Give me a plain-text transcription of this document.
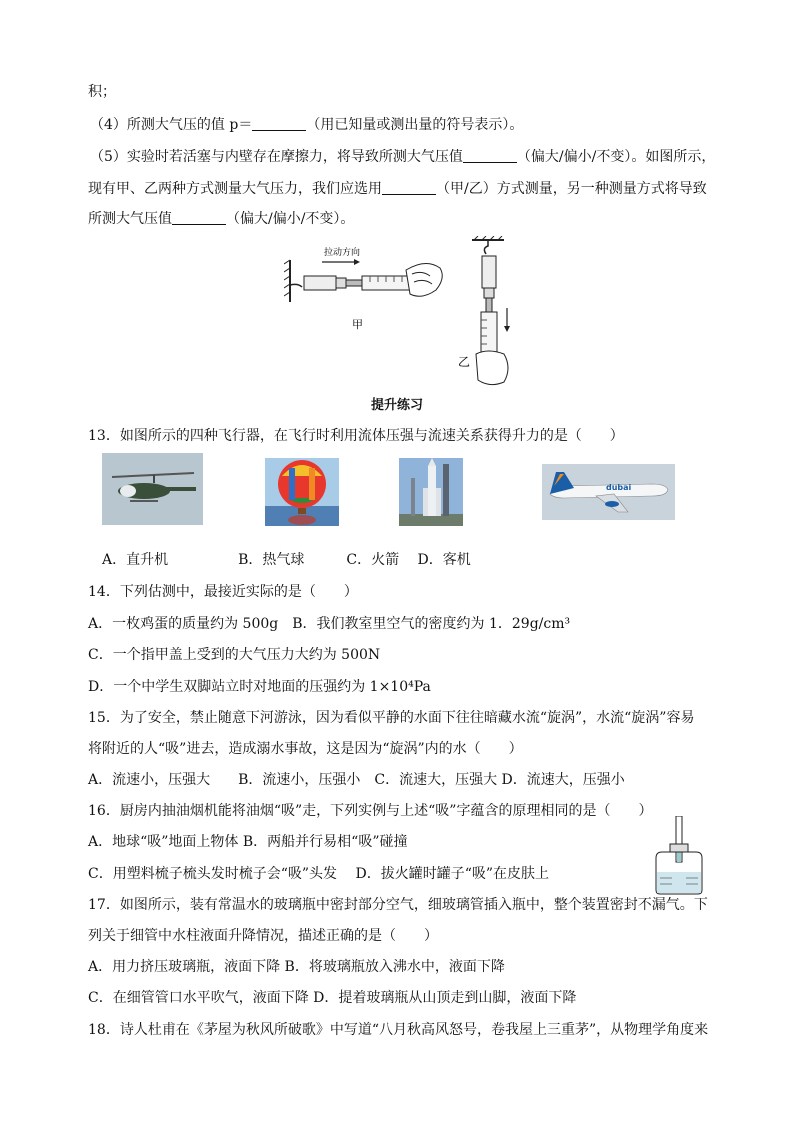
积；
（4）所测大气压的值 p＝	（用已知量或测出量的符号表示）。
（5）实验时若活塞与内壁存在摩擦力，将导致所测大气压值	（偏大/偏小/不变）。如图所示，
现有甲、乙两种方式测量大气压力，我们应选用	（甲/乙）方式测量，另一种测量方式将导致
所测大气压值	（偏大/偏小/不变）。
拉动方向
甲
乙
提升练习
13．如图所示的四种飞行器，在飞行时利用流体压强与流速关系获得升力的是（　　）
dubai
A．直升机　　　　　B．热气球　　　C．火箭　 D．客机
14．下列估测中，最接近实际的是（　　）
A．一枚鸡蛋的质量约为 500g　B．我们教室里空气的密度约为 1．29g/cm³
C．一个指甲盖上受到的大气压力大约为 500N
D．一个中学生双脚站立时对地面的压强约为 1×10⁴Pa
15．为了安全，禁止随意下河游泳，因为看似平静的水面下往往暗藏水流“旋涡”，水流“旋涡”容易
将附近的人“吸”进去，造成溺水事故，这是因为“旋涡”内的水（　　）
A．流速小，压强大　　B．流速小，压强小　C．流速大，压强大 D．流速大，压强小
16．厨房内抽油烟机能将油烟“吸”走，下列实例与上述“吸”字蕴含的原理相同的是（　　）
A．地球“吸”地面上物体 B．两船并行易相“吸”碰撞
C．用塑料梳子梳头发时梳子会“吸”头发　 D．拔火罐时罐子“吸”在皮肤上
17．如图所示，装有常温水的玻璃瓶中密封部分空气，细玻璃管插入瓶中，整个装置密封不漏气。下
列关于细管中水柱液面升降情况，描述正确的是（　　）
A．用力挤压玻璃瓶，液面下降 B．将玻璃瓶放入沸水中，液面下降
C．在细管管口水平吹气，液面下降 D．提着玻璃瓶从山顶走到山脚，液面下降
18．诗人杜甫在《茅屋为秋风所破歌》中写道“八月秋高风怒号，卷我屋上三重茅”，从物理学角度来
